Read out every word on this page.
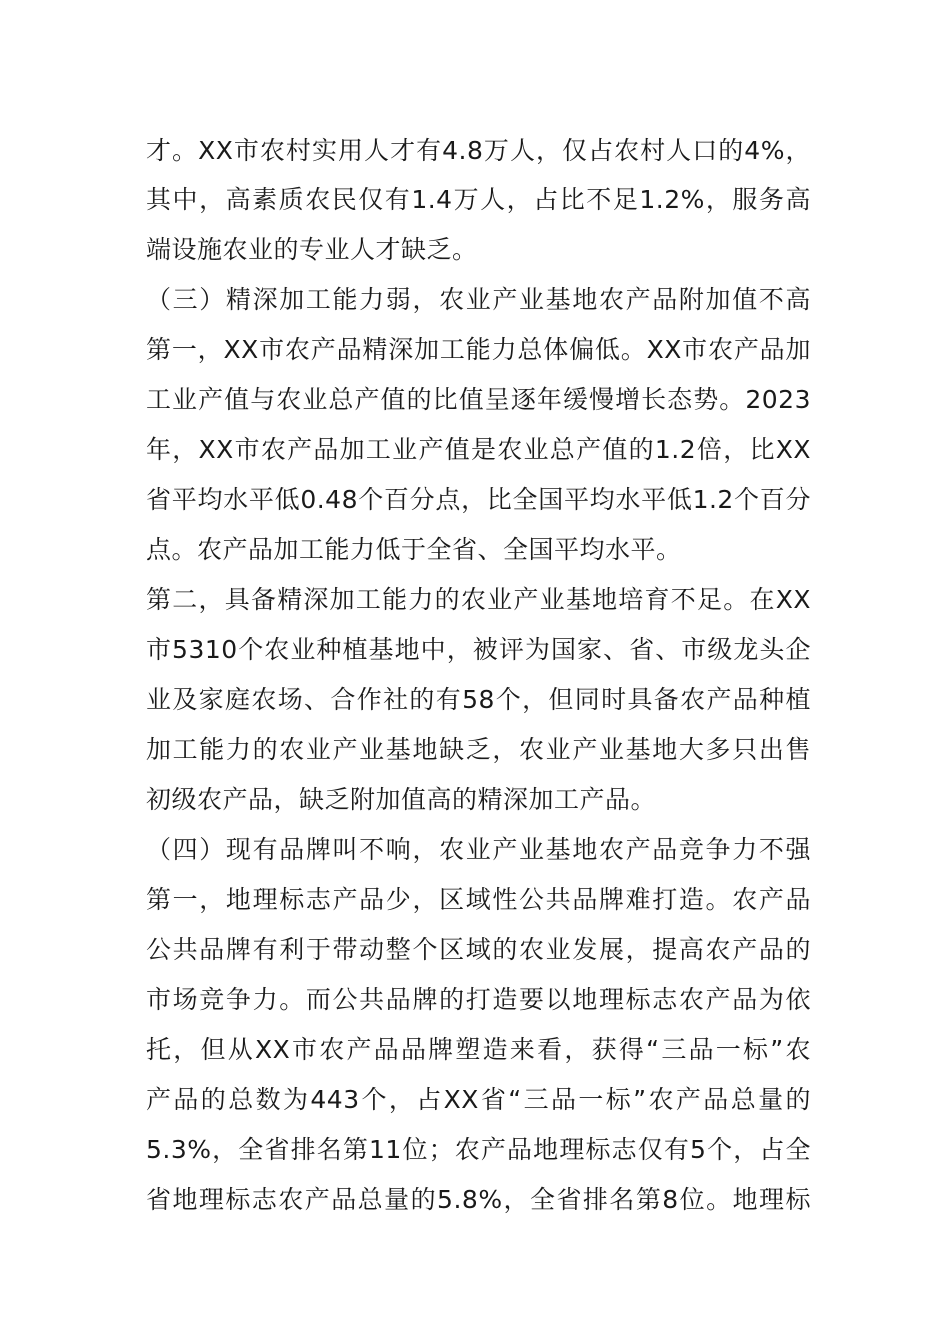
才。XX市农村实用人才有4.8万人，仅占农村人口的4%，
其中，高素质农民仅有1.4万人，占比不足1.2%，服务高
端设施农业的专业人才缺乏。
（三）精深加工能力弱，农业产业基地农产品附加值不高
第一，XX市农产品精深加工能力总体偏低。XX市农产品加
工业产值与农业总产值的比值呈逐年缓慢增长态势。2023
年，XX市农产品加工业产值是农业总产值的1.2倍，比XX
省平均水平低0.48个百分点，比全国平均水平低1.2个百分
点。农产品加工能力低于全省、全国平均水平。
第二，具备精深加工能力的农业产业基地培育不足。在XX
市5310个农业种植基地中，被评为国家、省、市级龙头企
业及家庭农场、合作社的有58个，但同时具备农产品种植
加工能力的农业产业基地缺乏，农业产业基地大多只出售
初级农产品，缺乏附加值高的精深加工产品。
（四）现有品牌叫不响，农业产业基地农产品竞争力不强
第一，地理标志产品少，区域性公共品牌难打造。农产品
公共品牌有利于带动整个区域的农业发展，提高农产品的
市场竞争力。而公共品牌的打造要以地理标志农产品为依
托，但从XX市农产品品牌塑造来看，获得“三品一标”农
产品的总数为443个，占XX省“三品一标”农产品总量的
5.3%，全省排名第11位；农产品地理标志仅有5个，占全
省地理标志农产品总量的5.8%，全省排名第8位。地理标
